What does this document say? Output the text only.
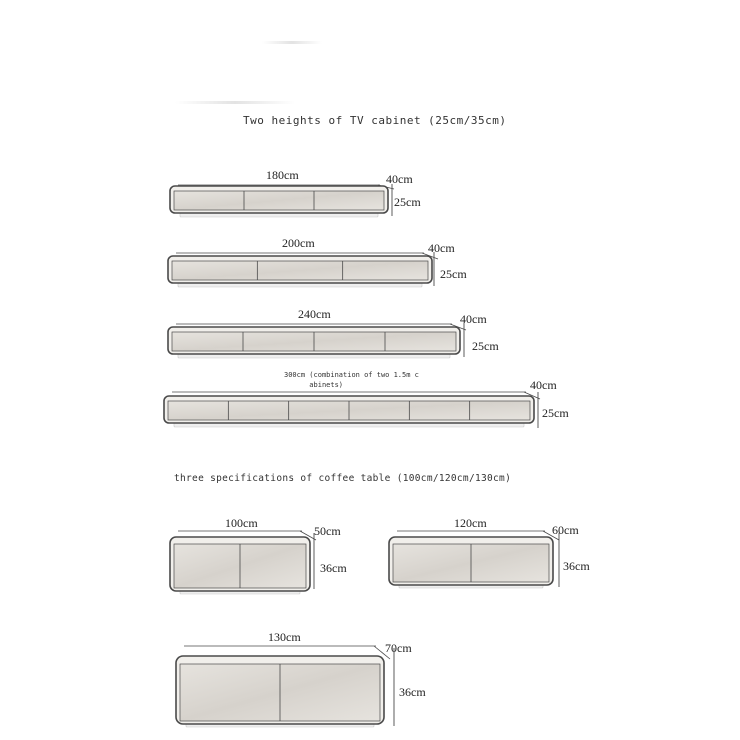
Two heights of TV cabinet (25cm/35cm)
180cm	40cm
25cm
200cm	40cm
25cm
240cm	40cm
25cm
300cm (combination of two 1.5m c abinets)	40cm
25cm
three specifications of coffee table (100cm/120cm/130cm)
100cm
50cm
36cm
120cm	60cm
36cm
130cm
70cm
36cm
